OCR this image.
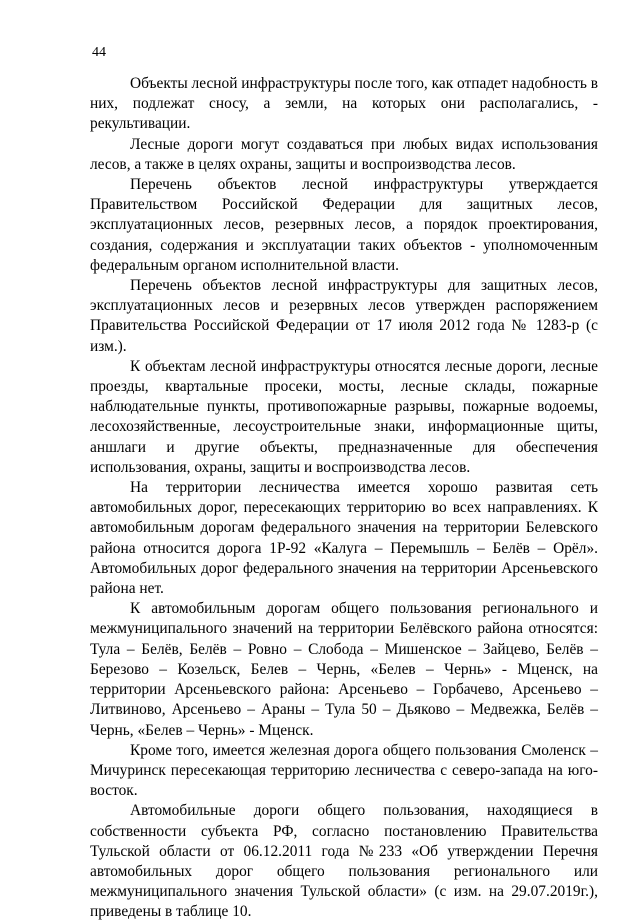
44

Объекты лесной инфраструктуры после того, как отпадет надобность в них, подлежат сносу, а земли, на которых они располагались, - рекультивации.

Лесные дороги могут создаваться при любых видах использования лесов, а также в целях охраны, защиты и воспроизводства лесов.

Перечень объектов лесной инфраструктуры утверждается Правительством Российской Федерации для защитных лесов, эксплуатационных лесов, резервных лесов, а порядок проектирования, создания, содержания и эксплуатации таких объектов - уполномоченным федеральным органом исполнительной власти.

Перечень объектов лесной инфраструктуры для защитных лесов, эксплуатационных лесов и резервных лесов утвержден распоряжением Правительства Российской Федерации от 17 июля 2012 года № 1283-р (с изм.).

К объектам лесной инфраструктуры относятся лесные дороги, лесные проезды, квартальные просеки, мосты, лесные склады, пожарные наблюдательные пункты, противопожарные разрывы, пожарные водоемы, лесохозяйственные, лесоустроительные знаки, информационные щиты, аншлаги и другие объекты, предназначенные для обеспечения использования, охраны, защиты и воспроизводства лесов.

На территории лесничества имеется хорошо развитая сеть автомобильных дорог, пересекающих территорию во всех направлениях. К автомобильным дорогам федерального значения на территории Белевского района относится дорога 1Р-92 «Калуга – Перемышль – Белёв – Орёл». Автомобильных дорог федерального значения на территории Арсеньевского района нет.

К автомобильным дорогам общего пользования регионального и межмуниципального значений на территории Белёвского района относятся: Тула – Белёв, Белёв – Ровно – Слобода – Мишенское – Зайцево, Белёв – Березово – Козельск, Белев – Чернь, «Белев – Чернь» - Мценск, на территории Арсеньевского района: Арсеньево – Горбачево, Арсеньево – Литвиново, Арсеньево – Араны – Тула 50 – Дьяково – Медвежка, Белёв – Чернь, «Белев – Чернь» - Мценск.

Кроме того, имеется железная дорога общего пользования Смоленск – Мичуринск пересекающая территорию лесничества с северо-запада на юго-восток.

Автомобильные дороги общего пользования, находящиеся в собственности субъекта РФ, согласно постановлению Правительства Тульской области от 06.12.2011 года №233 «Об утверждении Перечня автомобильных дорог общего пользования регионального или межмуниципального значения Тульской области» (с изм. на 29.07.2019г.), приведены в таблице 10.
